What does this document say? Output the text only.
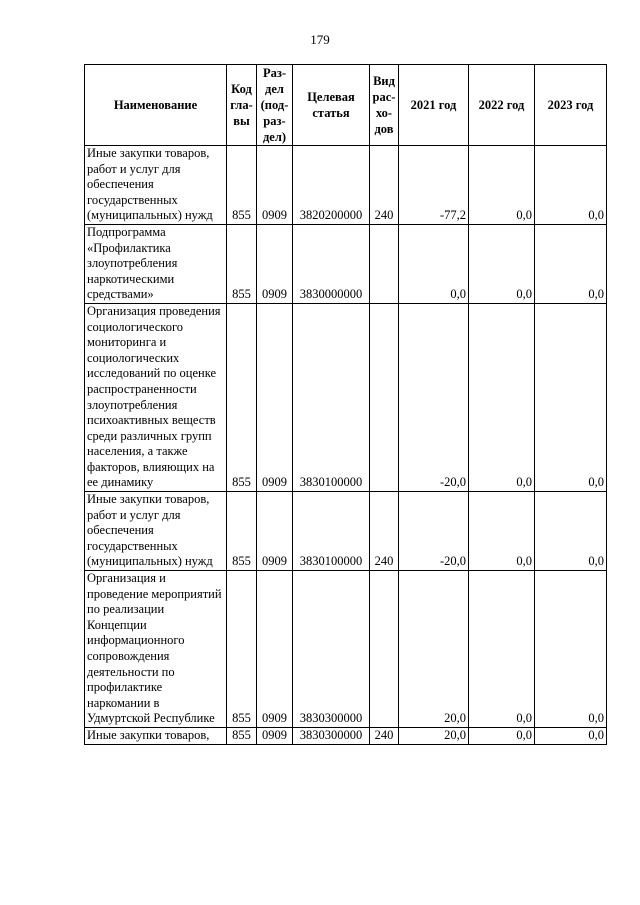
179
Наименование	Код гла-вы	Раз-дел (под-раз-дел)	Целевая статья	Вид рас-хо-дов	2021 год	2022 год	2023 год
Иные закупки товаров, работ и услуг для обеспечения государственных (муниципальных) нужд	855	0909	3820200000	240	-77,2	0,0	0,0
Подпрограмма «Профилактика злоупотребления наркотическими средствами»	855	0909	3830000000		0,0	0,0	0,0
Организация проведения социологического мониторинга и социологических исследований по оценке распространенности злоупотребления психоактивных веществ среди различных групп населения, а также факторов, влияющих на ее динамику	855	0909	3830100000		-20,0	0,0	0,0
Иные закупки товаров, работ и услуг для обеспечения государственных (муниципальных) нужд	855	0909	3830100000	240	-20,0	0,0	0,0
Организация и проведение мероприятий по реализации Концепции информационного сопровождения деятельности по профилактике наркомании в Удмуртской Республике	855	0909	3830300000		20,0	0,0	0,0
Иные закупки товаров,	855	0909	3830300000	240	20,0	0,0	0,0
